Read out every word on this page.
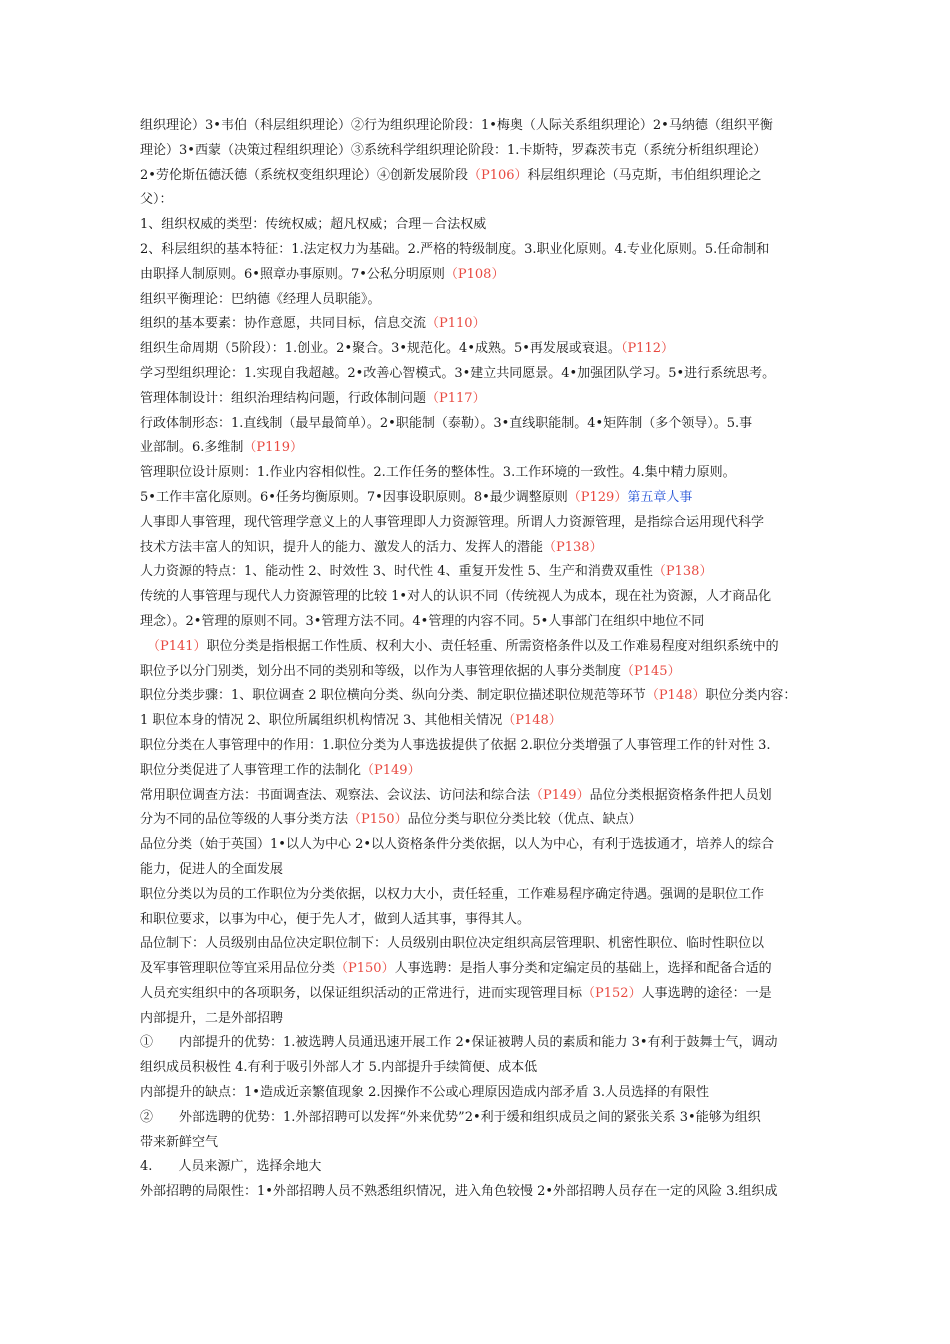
组织理论）3•韦伯（科层组织理论）②行为组织理论阶段：1•梅奥（人际关系组织理论）2•马纳德（组织平衡
理论）3•西蒙（决策过程组织理论）③系统科学组织理论阶段：1.卡斯特，罗森茨韦克（系统分析组织理论）
2•劳伦斯伍德沃德（系统权变组织理论）④创新发展阶段（P106）科层组织理论（马克斯，韦伯组织理论之
父）：
1、组织权威的类型：传统权威；超凡权威；合理－合法权威
2、科层组织的基本特征：1.法定权力为基础。2.严格的特级制度。3.职业化原则。4.专业化原则。5.任命制和
由职择人制原则。6•照章办事原则。7•公私分明原则（P108）
组织平衡理论：巴纳德《经理人员职能》。
组织的基本要素：协作意愿，共同目标，信息交流（P110）
组织生命周期（5阶段）：1.创业。2•聚合。3•规范化。4•成熟。5•再发展或衰退。（P112）
学习型组织理论：1.实现自我超越。2•改善心智模式。3•建立共同愿景。4•加强团队学习。5•进行系统思考。
管理体制设计：组织治理结构问题，行政体制问题（P117）
行政体制形态：1.直线制（最早最简单）。2•职能制（泰勒）。3•直线职能制。4•矩阵制（多个领导）。5.事
业部制。6.多维制（P119）
管理职位设计原则：1.作业内容相似性。2.工作任务的整体性。3.工作环境的一致性。4.集中精力原则。
5•工作丰富化原则。6•任务均衡原则。7•因事设职原则。8•最少调整原则（P129）第五章人事
人事即人事管理，现代管理学意义上的人事管理即人力资源管理。所谓人力资源管理，是指综合运用现代科学
技术方法丰富人的知识，提升人的能力、激发人的活力、发挥人的潜能（P138）
人力资源的特点：1、能动性 2、时效性 3、时代性 4、重复开发性 5、生产和消费双重性（P138）
传统的人事管理与现代人力资源管理的比较 1•对人的认识不同（传统视人为成本，现在社为资源，人才商品化
理念）。2•管理的原则不同。3•管理方法不同。4•管理的内容不同。5•人事部门在组织中地位不同
（P141）职位分类是指根据工作性质、权利大小、责任轻重、所需资格条件以及工作难易程度对组织系统中的
职位予以分门别类，划分出不同的类别和等级，以作为人事管理依据的人事分类制度（P145）
职位分类步骤：1、职位调查 2 职位横向分类、纵向分类、制定职位描述职位规范等环节（P148）职位分类内容：
1 职位本身的情况 2、职位所属组织机构情况 3、其他相关情况（P148）
职位分类在人事管理中的作用：1.职位分类为人事选拔提供了依据 2.职位分类增强了人事管理工作的针对性 3.
职位分类促进了人事管理工作的法制化（P149）
常用职位调查方法：书面调查法、观察法、会议法、访问法和综合法（P149）品位分类根据资格条件把人员划
分为不同的品位等级的人事分类方法（P150）品位分类与职位分类比较（优点、缺点）
品位分类（始于英国）1•以人为中心 2•以人资格条件分类依据，以人为中心，有利于选拔通才，培养人的综合
能力，促进人的全面发展
职位分类以为员的工作职位为分类依据，以权力大小，责任轻重，工作难易程序确定待遇。强调的是职位工作
和职位要求，以事为中心，便于先人才，做到人适其事，事得其人。
品位制下：人员级别由品位决定职位制下：人员级别由职位决定组织高层管理职、机密性职位、临时性职位以
及军事管理职位等宜采用品位分类（P150）人事选聘：是指人事分类和定编定员的基础上，选择和配备合适的
人员充实组织中的各项职务，以保证组织活动的正常进行，进而实现管理目标（P152）人事选聘的途径：一是
内部提升，二是外部招聘
①　　内部提升的优势：1.被选聘人员通迅速开展工作 2•保证被聘人员的素质和能力 3•有利于鼓舞士气，调动
组织成员积极性 4.有利于吸引外部人才 5.内部提升手续简便、成本低
内部提升的缺点：1•造成近亲繁值现象 2.因操作不公或心理原因造成内部矛盾 3.人员选择的有限性
②　　外部选聘的优势：1.外部招聘可以发挥“外来优势”2•利于缓和组织成员之间的紧张关系 3•能够为组织
带来新鲜空气
4.　　人员来源广，选择余地大
外部招聘的局限性：1•外部招聘人员不熟悉组织情况，进入角色较慢 2•外部招聘人员存在一定的风险 3.组织成
